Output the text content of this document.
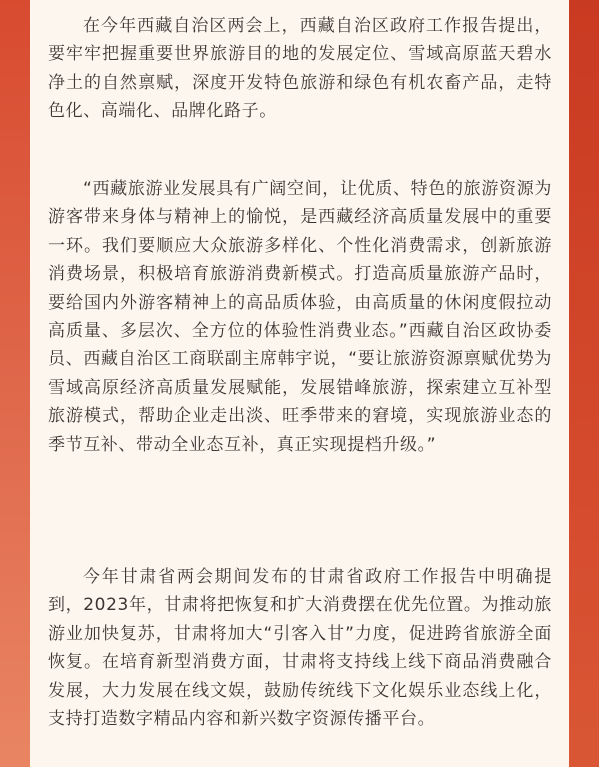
在今年西藏自治区两会上，西藏自治区政府工作报告提出，要牢牢把握重要世界旅游目的地的发展定位、雪域高原蓝天碧水净土的自然禀赋，深度开发特色旅游和绿色有机农畜产品，走特色化、高端化、品牌化路子。

“西藏旅游业发展具有广阔空间，让优质、特色的旅游资源为游客带来身体与精神上的愉悦，是西藏经济高质量发展中的重要一环。我们要顺应大众旅游多样化、个性化消费需求，创新旅游消费场景，积极培育旅游消费新模式。打造高质量旅游产品时，要给国内外游客精神上的高品质体验，由高质量的休闲度假拉动高质量、多层次、全方位的体验性消费业态。”西藏自治区政协委员、西藏自治区工商联副主席韩宇说，“要让旅游资源禀赋优势为雪域高原经济高质量发展赋能，发展错峰旅游，探索建立互补型旅游模式，帮助企业走出淡、旺季带来的窘境，实现旅游业态的季节互补、带动全业态互补，真正实现提档升级。”

今年甘肃省两会期间发布的甘肃省政府工作报告中明确提到，2023年，甘肃将把恢复和扩大消费摆在优先位置。为推动旅游业加快复苏，甘肃将加大“引客入甘”力度，促进跨省旅游全面恢复。在培育新型消费方面，甘肃将支持线上线下商品消费融合发展，大力发展在线文娱，鼓励传统线下文化娱乐业态线上化，支持打造数字精品内容和新兴数字资源传播平台。
